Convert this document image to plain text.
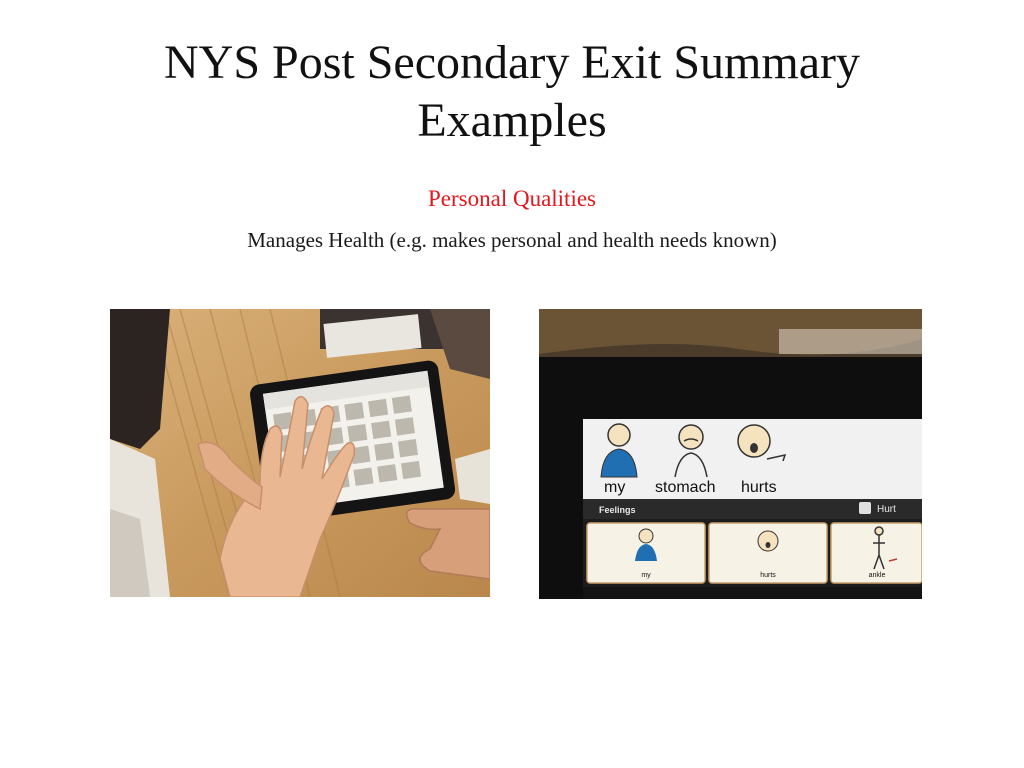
NYS Post Secondary Exit Summary
Examples
Personal Qualities
Manages Health (e.g. makes personal and health needs known)
my stomach hurts
Feelings	Hurt
my	hurts	ankle
